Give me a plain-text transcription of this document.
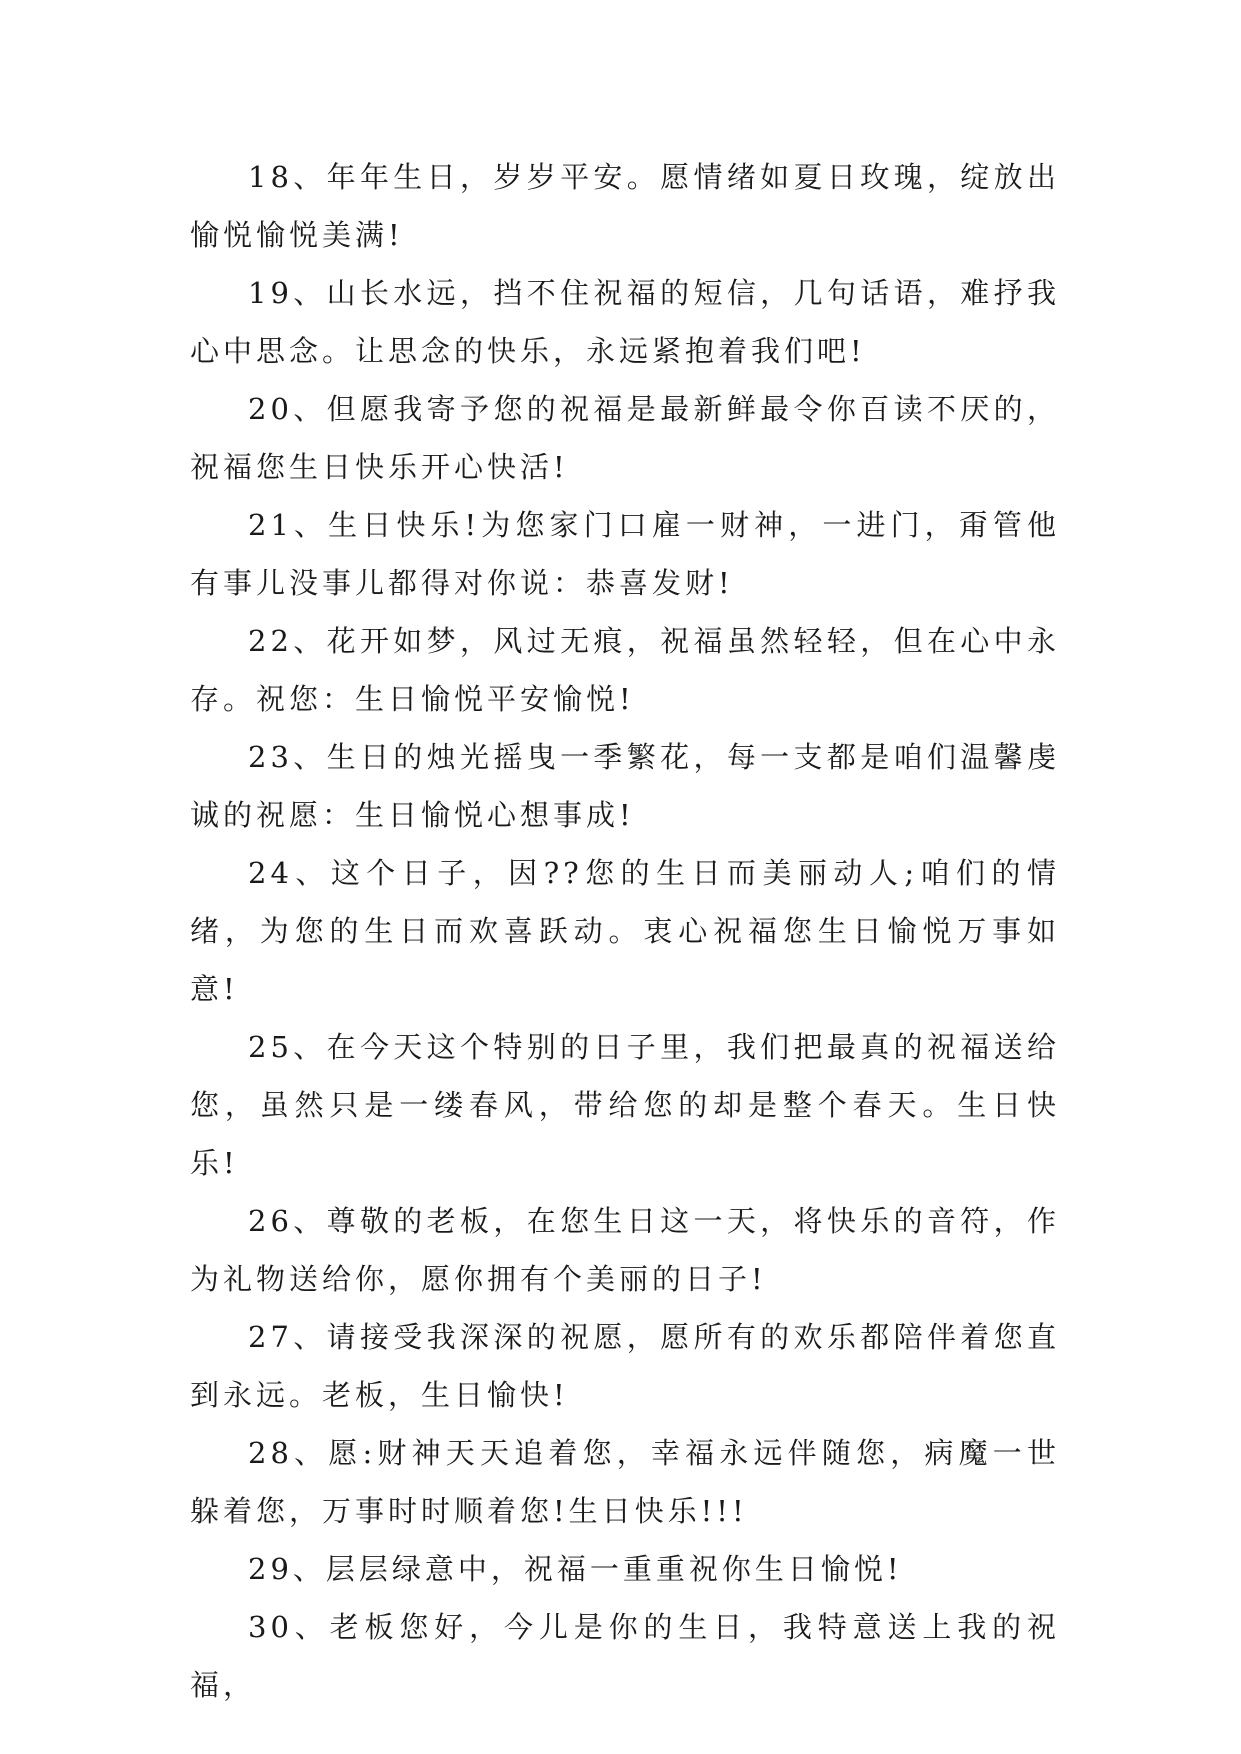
18、年年生日，岁岁平安。愿情绪如夏日玫瑰，绽放出愉悦愉悦美满!

19、山长水远，挡不住祝福的短信，几句话语，难抒我心中思念。让思念的快乐，永远紧抱着我们吧!

20、但愿我寄予您的祝福是最新鲜最令你百读不厌的，祝福您生日快乐开心快活!

21、生日快乐!为您家门口雇一财神，一进门，甭管他有事儿没事儿都得对你说：恭喜发财!

22、花开如梦，风过无痕，祝福虽然轻轻，但在心中永存。祝您：生日愉悦平安愉悦!

23、生日的烛光摇曳一季繁花，每一支都是咱们温馨虔诚的祝愿：生日愉悦心想事成!

24、这个日子，因??您的生日而美丽动人;咱们的情绪，为您的生日而欢喜跃动。衷心祝福您生日愉悦万事如意!

25、在今天这个特别的日子里，我们把最真的祝福送给您，虽然只是一缕春风，带给您的却是整个春天。生日快乐!

26、尊敬的老板，在您生日这一天，将快乐的音符，作为礼物送给你，愿你拥有个美丽的日子!

27、请接受我深深的祝愿，愿所有的欢乐都陪伴着您直到永远。老板，生日愉快!

28、愿:财神天天追着您，幸福永远伴随您，病魔一世躲着您，万事时时顺着您!生日快乐!!!

29、层层绿意中，祝福一重重祝你生日愉悦!

30、老板您好，今儿是你的生日，我特意送上我的祝福，
